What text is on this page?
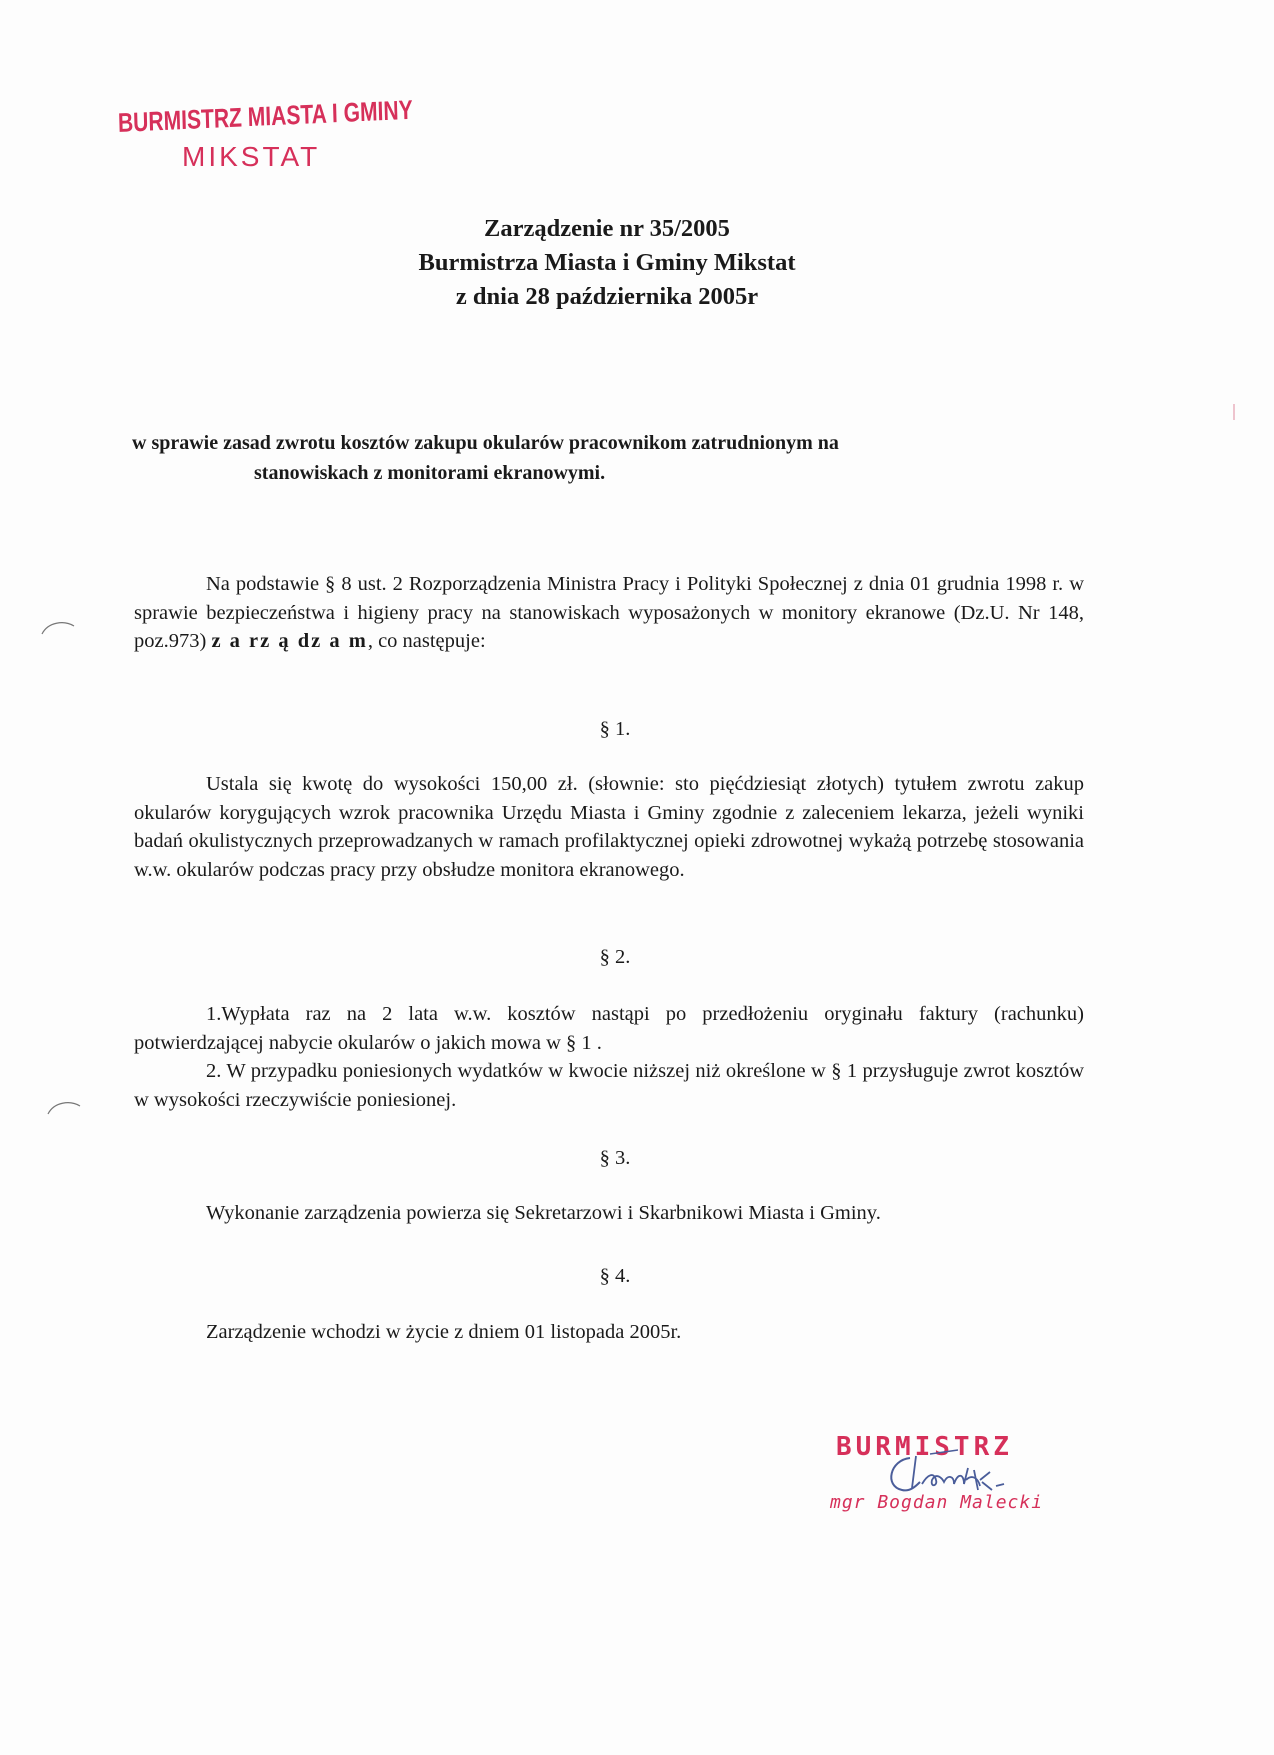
BURMISTRZ MIASTA I GMINY
MIKSTAT
Zarządzenie nr 35/2005
Burmistrza Miasta i Gminy Mikstat
z dnia 28 października 2005r
w sprawie zasad zwrotu kosztów zakupu okularów pracownikom zatrudnionym na
stanowiskach z monitorami ekranowymi.
Na podstawie § 8 ust. 2 Rozporządzenia Ministra Pracy i Polityki Społecznej z dnia 01 grudnia 1998 r. w sprawie bezpieczeństwa i higieny pracy na stanowiskach wyposażonych w monitory ekranowe (Dz.U. Nr 148, poz.973) z a rz ą dz a m, co następuje:
§ 1.
Ustala się kwotę do wysokości 150,00 zł. (słownie: sto pięćdziesiąt złotych) tytułem zwrotu zakup okularów korygujących wzrok pracownika Urzędu Miasta i Gminy zgodnie z zaleceniem lekarza, jeżeli wyniki badań okulistycznych przeprowadzanych w ramach profilaktycznej opieki zdrowotnej wykażą potrzebę stosowania w.w. okularów podczas pracy przy obsłudze monitora ekranowego.
§ 2.
1.Wypłata raz na 2 lata w.w. kosztów nastąpi po przedłożeniu oryginału faktury (rachunku) potwierdzającej nabycie okularów o jakich mowa w § 1 .
2. W przypadku poniesionych wydatków w kwocie niższej niż określone w § 1 przysługuje zwrot kosztów w wysokości rzeczywiście poniesionej.
§ 3.
Wykonanie zarządzenia powierza się Sekretarzowi i Skarbnikowi Miasta i Gminy.
§ 4.
Zarządzenie wchodzi w życie z dniem 01 listopada 2005r.
BURMISTRZ
mgr Bogdan Malecki
